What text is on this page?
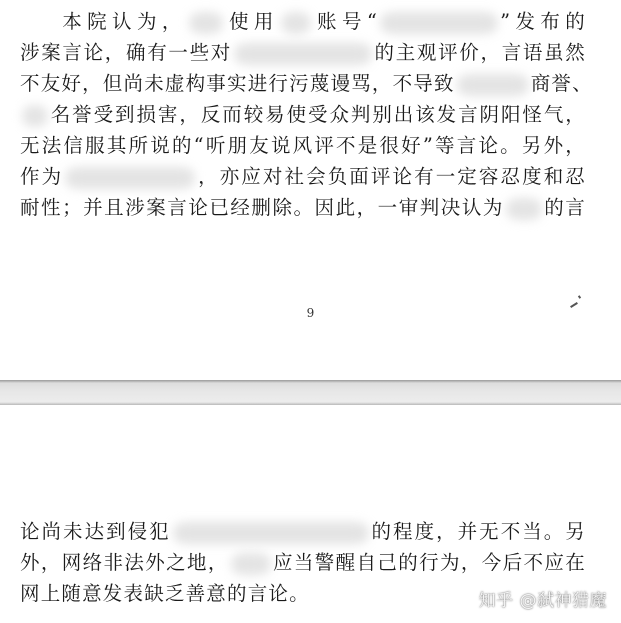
本院认为， 使用 账号“	”发布的
涉案言论，确有一些对	的主观评价，言语虽然
不友好，但尚未虚构事实进行污蔑谩骂，不导致	商誉、
名誉受到损害，反而较易使受众判别出该发言阴阳怪气，
无法信服其所说的“听朋友说风评不是很好”等言论。另外，
作为	，亦应对社会负面评论有一定容忍度和忍
耐性；并且涉案言论已经删除。因此，一审判决认为 的言
9
论尚未达到侵犯	的程度，并无不当。另
外，网络非法外之地， 应当警醒自己的行为，今后不应在
网上随意发表缺乏善意的言论。	知乎 @弑神猎魔
